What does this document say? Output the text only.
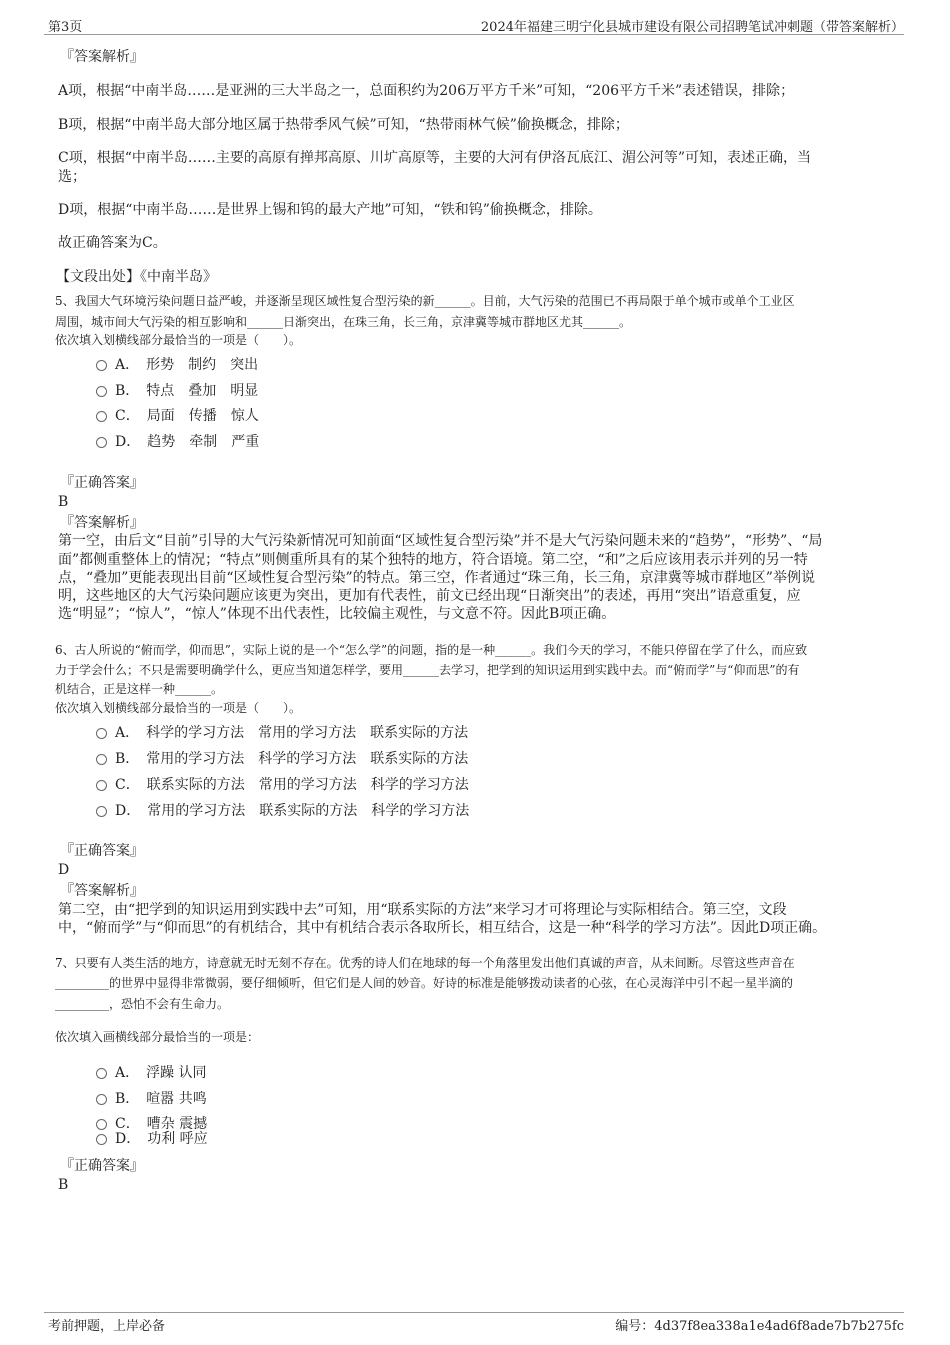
第3页	2024年福建三明宁化县城市建设有限公司招聘笔试冲刺题（带答案解析）
『答案解析』
A项，根据“中南半岛……是亚洲的三大半岛之一，总面积约为206万平方千米”可知，“206平方千米”表述错误，排除；
B项，根据“中南半岛大部分地区属于热带季风气候”可知，“热带雨林气候”偷换概念，排除；
C项，根据“中南半岛……主要的高原有掸邦高原、川圹高原等，主要的大河有伊洛瓦底江、湄公河等”可知，表述正确，当
选；
D项，根据“中南半岛……是世界上锡和钨的最大产地”可知，“铁和钨”偷换概念，排除。
故正确答案为C。
【文段出处】《中南半岛》
5、我国大气环境污染问题日益严峻，并逐渐呈现区域性复合型污染的新______。目前，大气污染的范围已不再局限于单个城市或单个工业区
周围，城市间大气污染的相互影响和______日渐突出，在珠三角，长三角，京津冀等城市群地区尤其______。
依次填入划横线部分最恰当的一项是（　　）。
A．　形势　制约　突出
B．　特点　叠加　明显
C．　局面　传播　惊人
D．　趋势　牵制　严重
『正确答案』
B
『答案解析』
第一空，由后文“目前”引导的大气污染新情况可知前面“区域性复合型污染”并不是大气污染问题未来的“趋势”，“形势”、“局
面”都侧重整体上的情况；“特点”则侧重所具有的某个独特的地方，符合语境。第二空，“和”之后应该用表示并列的另一特
点，“叠加”更能表现出目前“区域性复合型污染”的特点。第三空，作者通过“珠三角，长三角，京津冀等城市群地区”举例说
明，这些地区的大气污染问题应该更为突出，更加有代表性，前文已经出现“日渐突出”的表述，再用“突出”语意重复，应
选“明显”；“惊人”，“惊人”体现不出代表性，比较偏主观性，与文意不符。因此B项正确。
6、古人所说的“俯而学，仰而思”，实际上说的是一个“怎么学”的问题，指的是一种______。我们今天的学习，不能只停留在学了什么，而应致
力于学会什么；不只是需要明确学什么，更应当知道怎样学，要用______去学习，把学到的知识运用到实践中去。而“俯而学”与“仰而思”的有
机结合，正是这样一种______。
依次填入划横线部分最恰当的一项是（　　）。
A．　科学的学习方法　常用的学习方法　联系实际的方法
B．　常用的学习方法　科学的学习方法　联系实际的方法
C．　联系实际的方法　常用的学习方法　科学的学习方法
D．　常用的学习方法　联系实际的方法　科学的学习方法
『正确答案』
D
『答案解析』
第二空，由“把学到的知识运用到实践中去”可知，用“联系实际的方法”来学习才可将理论与实际相结合。第三空，文段
中，“俯而学”与“仰而思”的有机结合，其中有机结合表示各取所长，相互结合，这是一种“科学的学习方法”。因此D项正确。
7、只要有人类生活的地方，诗意就无时无刻不存在。优秀的诗人们在地球的每一个角落里发出他们真诚的声音，从未间断。尽管这些声音在
_________的世界中显得非常微弱，要仔细倾听，但它们是人间的妙音。好诗的标准是能够拨动读者的心弦，在心灵海洋中引不起一星半滴的
_________，恐怕不会有生命力。
依次填入画横线部分最恰当的一项是：
A．　浮躁 认同
B．　喧嚣 共鸣
C．　嘈杂 震撼
D．　功利 呼应
『正确答案』
B
考前押题，上岸必备	编号：4d37f8ea338a1e4ad6f8ade7b7b275fc
